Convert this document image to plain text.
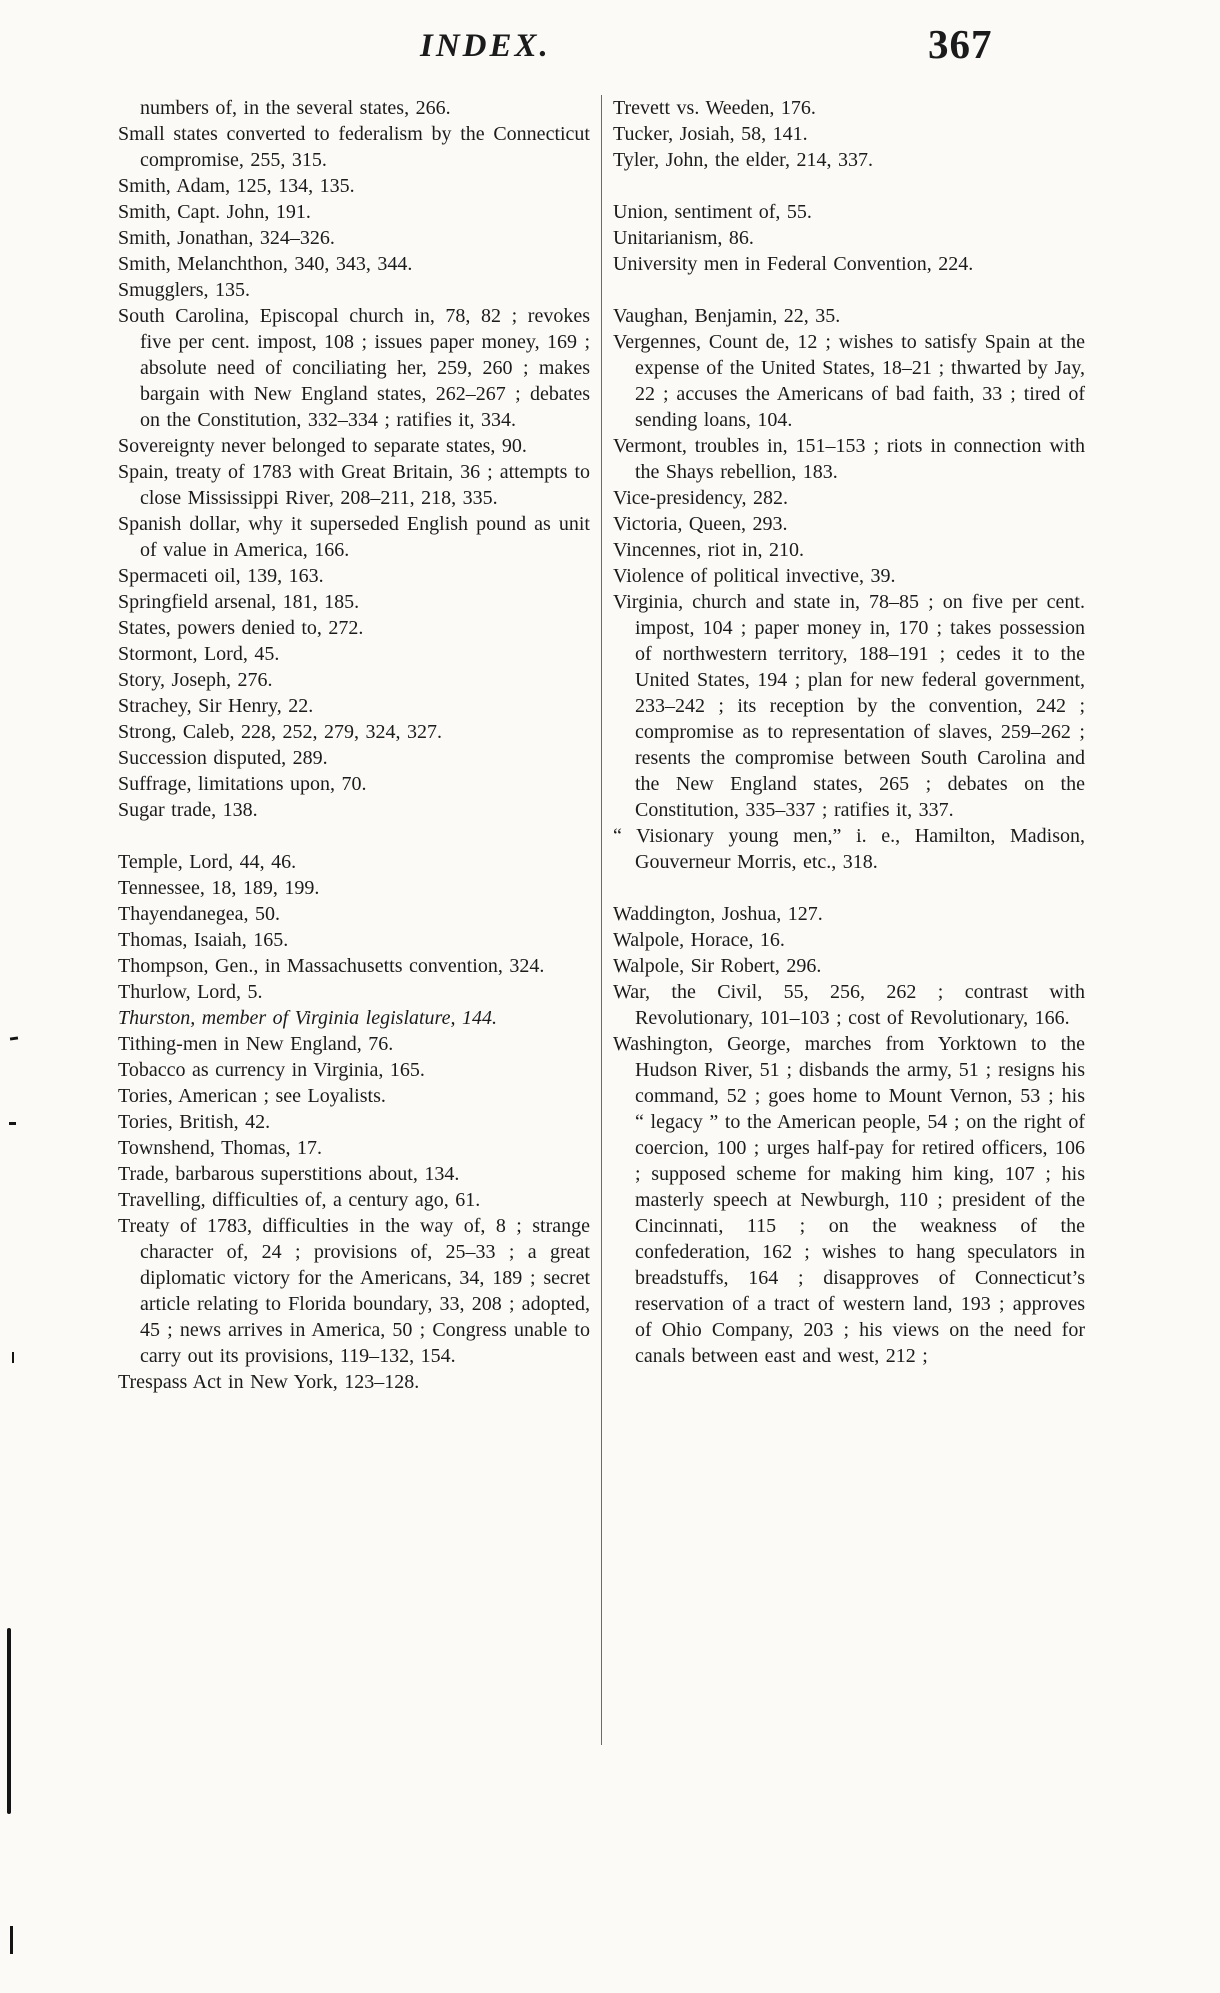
INDEX.	367

numbers of, in the several states, 266.

Small states converted to federalism by the Connecticut compromise, 255, 315.

Smith, Adam, 125, 134, 135.

Smith, Capt. John, 191.

Smith, Jonathan, 324–326.

Smith, Melanchthon, 340, 343, 344.

Smugglers, 135.

South Carolina, Episcopal church in, 78, 82 ; revokes five per cent. impost, 108 ; issues paper money, 169 ; absolute need of conciliating her, 259, 260 ; makes bargain with New England states, 262–267 ; debates on the Constitution, 332–334 ; ratifies it, 334.

Sovereignty never belonged to separate states, 90.

Spain, treaty of 1783 with Great Britain, 36 ; attempts to close Mississippi River, 208–211, 218, 335.

Spanish dollar, why it superseded English pound as unit of value in America, 166.

Spermaceti oil, 139, 163.

Springfield arsenal, 181, 185.

States, powers denied to, 272.

Stormont, Lord, 45.

Story, Joseph, 276.

Strachey, Sir Henry, 22.

Strong, Caleb, 228, 252, 279, 324, 327.

Succession disputed, 289.

Suffrage, limitations upon, 70.

Sugar trade, 138.

Temple, Lord, 44, 46.

Tennessee, 18, 189, 199.

Thayendanegea, 50.

Thomas, Isaiah, 165.

Thompson, Gen., in Massachusetts convention, 324.

Thurlow, Lord, 5.

Thurston, member of Virginia legislature, 144.

Tithing-men in New England, 76.

Tobacco as currency in Virginia, 165.

Tories, American ; see Loyalists.

Tories, British, 42.

Townshend, Thomas, 17.

Trade, barbarous superstitions about, 134.

Travelling, difficulties of, a century ago, 61.

Treaty of 1783, difficulties in the way of, 8 ; strange character of, 24 ; provisions of, 25–33 ; a great diplomatic victory for the Americans, 34, 189 ; secret article relating to Florida boundary, 33, 208 ; adopted, 45 ; news arrives in America, 50 ; Congress unable to carry out its provisions, 119–132, 154.

Trespass Act in New York, 123–128.

Trevett vs. Weeden, 176.

Tucker, Josiah, 58, 141.

Tyler, John, the elder, 214, 337.

Union, sentiment of, 55.

Unitarianism, 86.

University men in Federal Convention, 224.

Vaughan, Benjamin, 22, 35.

Vergennes, Count de, 12 ; wishes to satisfy Spain at the expense of the United States, 18–21 ; thwarted by Jay, 22 ; accuses the Americans of bad faith, 33 ; tired of sending loans, 104.

Vermont, troubles in, 151–153 ; riots in connection with the Shays rebellion, 183.

Vice-presidency, 282.

Victoria, Queen, 293.

Vincennes, riot in, 210.

Violence of political invective, 39.

Virginia, church and state in, 78–85 ; on five per cent. impost, 104 ; paper money in, 170 ; takes possession of northwestern territory, 188–191 ; cedes it to the United States, 194 ; plan for new federal government, 233–242 ; its reception by the convention, 242 ; compromise as to representation of slaves, 259–262 ; resents the compromise between South Carolina and the New England states, 265 ; debates on the Constitution, 335–337 ; ratifies it, 337.

“ Visionary young men,” i. e., Hamilton, Madison, Gouverneur Morris, etc., 318.

Waddington, Joshua, 127.

Walpole, Horace, 16.

Walpole, Sir Robert, 296.

War, the Civil, 55, 256, 262 ; contrast with Revolutionary, 101–103 ; cost of Revolutionary, 166.

Washington, George, marches from Yorktown to the Hudson River, 51 ; disbands the army, 51 ; resigns his command, 52 ; goes home to Mount Vernon, 53 ; his “ legacy ” to the American people, 54 ; on the right of coercion, 100 ; urges half-pay for retired officers, 106 ; supposed scheme for making him king, 107 ; his masterly speech at Newburgh, 110 ; president of the Cincinnati, 115 ; on the weakness of the confederation, 162 ; wishes to hang speculators in breadstuffs, 164 ; disapproves of Connecticut’s reservation of a tract of western land, 193 ; approves of Ohio Company, 203 ; his views on the need for canals between east and west, 212 ;
